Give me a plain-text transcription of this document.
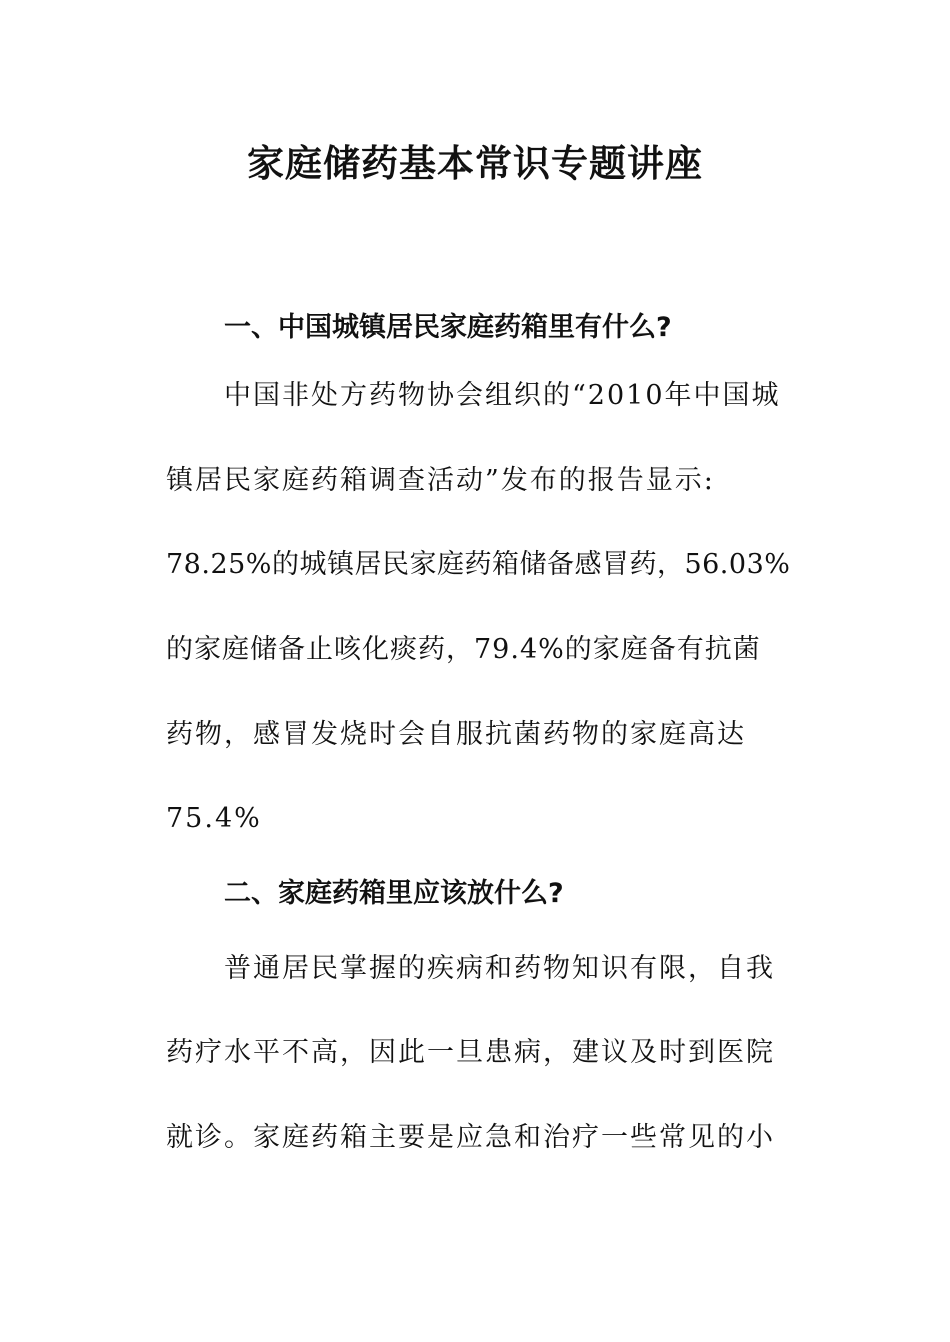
家庭储药基本常识专题讲座
一、中国城镇居民家庭药箱里有什么?
中国非处方药物协会组织的“2010年中国城
镇居民家庭药箱调查活动”发布的报告显示:
78.25%的城镇居民家庭药箱储备感冒药，56.03%
的家庭储备止咳化痰药，79.4%的家庭备有抗菌
药物，感冒发烧时会自服抗菌药物的家庭高达
75.4%
二、家庭药箱里应该放什么?
普通居民掌握的疾病和药物知识有限，自我
药疗水平不高，因此一旦患病，建议及时到医院
就诊。家庭药箱主要是应急和治疗一些常见的小
